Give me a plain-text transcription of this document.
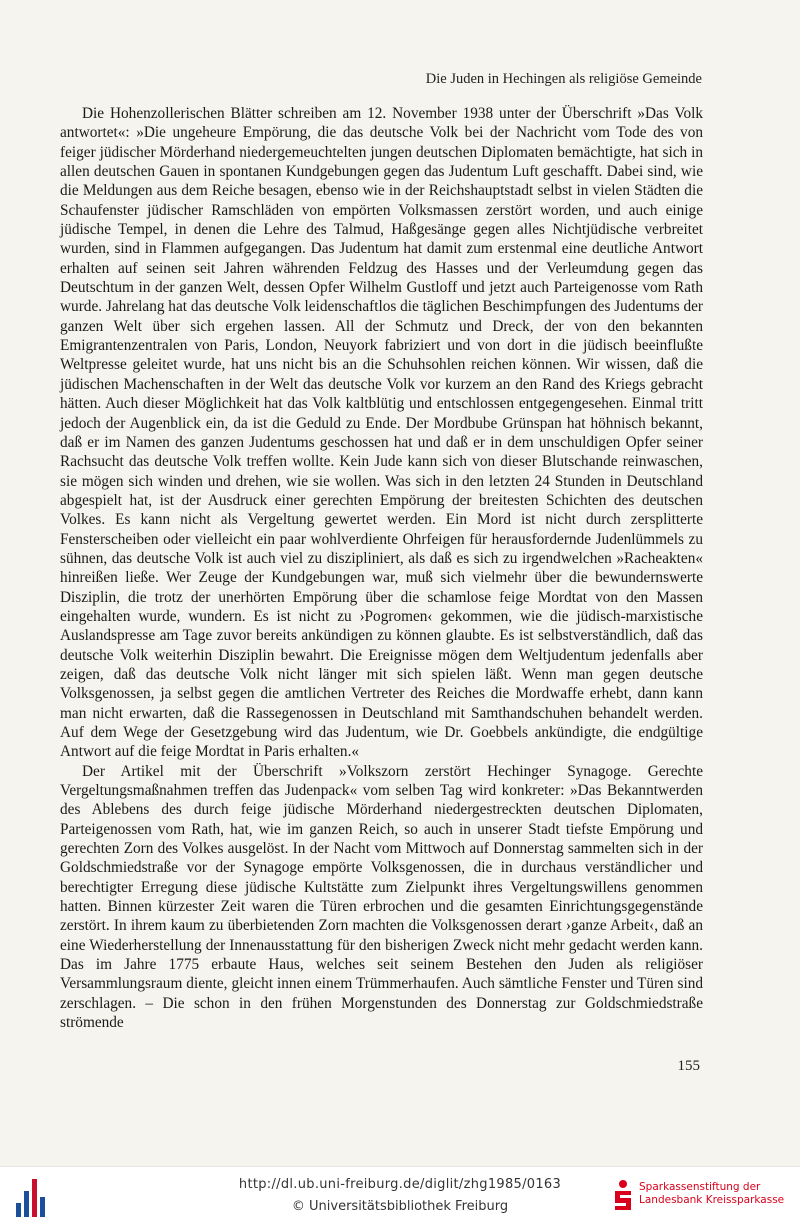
Die Juden in Hechingen als religiöse Gemeinde

Die Hohenzollerischen Blätter schreiben am 12. November 1938 unter der Überschrift »Das Volk antwortet«: »Die ungeheure Empörung, die das deutsche Volk bei der Nachricht vom Tode des von feiger jüdischer Mörderhand niedergemeuchtelten jungen deutschen Diplomaten bemächtigte, hat sich in allen deutschen Gauen in spontanen Kundgebungen gegen das Judentum Luft geschafft. Dabei sind, wie die Meldungen aus dem Reiche besagen, ebenso wie in der Reichshauptstadt selbst in vielen Städten die Schaufenster jüdischer Ramschläden von empörten Volksmassen zerstört worden, und auch einige jüdische Tempel, in denen die Lehre des Talmud, Haßgesänge gegen alles Nichtjüdische verbreitet wurden, sind in Flammen aufgegangen. Das Judentum hat damit zum erstenmal eine deutliche Antwort erhalten auf seinen seit Jahren währenden Feldzug des Hasses und der Verleumdung gegen das Deutschtum in der ganzen Welt, dessen Opfer Wilhelm Gustloff und jetzt auch Parteigenosse vom Rath wurde. Jahrelang hat das deutsche Volk leidenschaftlos die täglichen Beschimpfungen des Judentums der ganzen Welt über sich ergehen lassen. All der Schmutz und Dreck, der von den bekannten Emigrantenzentralen von Paris, London, Neuyork fabriziert und von dort in die jüdisch beeinflußte Weltpresse geleitet wurde, hat uns nicht bis an die Schuhsohlen reichen können. Wir wissen, daß die jüdischen Machenschaften in der Welt das deutsche Volk vor kurzem an den Rand des Kriegs gebracht hätten. Auch dieser Möglichkeit hat das Volk kaltblütig und entschlossen entgegengesehen. Einmal tritt jedoch der Augenblick ein, da ist die Geduld zu Ende. Der Mordbube Grünspan hat höhnisch bekannt, daß er im Namen des ganzen Judentums geschossen hat und daß er in dem unschuldigen Opfer seiner Rachsucht das deutsche Volk treffen wollte. Kein Jude kann sich von dieser Blutschande reinwaschen, sie mögen sich winden und drehen, wie sie wollen. Was sich in den letzten 24 Stunden in Deutschland abgespielt hat, ist der Ausdruck einer gerechten Empörung der breitesten Schichten des deutschen Volkes. Es kann nicht als Vergeltung gewertet werden. Ein Mord ist nicht durch zersplitterte Fensterscheiben oder vielleicht ein paar wohlverdiente Ohrfeigen für herausfordernde Judenlümmels zu sühnen, das deutsche Volk ist auch viel zu diszipliniert, als daß es sich zu irgendwelchen »Racheakten« hinreißen ließe. Wer Zeuge der Kundgebungen war, muß sich vielmehr über die bewundernswerte Disziplin, die trotz der unerhörten Empörung über die schamlose feige Mordtat von den Massen eingehalten wurde, wundern. Es ist nicht zu ›Pogromen‹ gekommen, wie die jüdisch-marxistische Auslandspresse am Tage zuvor bereits ankündigen zu können glaubte. Es ist selbstverständlich, daß das deutsche Volk weiterhin Disziplin bewahrt. Die Ereignisse mögen dem Weltjudentum jedenfalls aber zeigen, daß das deutsche Volk nicht länger mit sich spielen läßt. Wenn man gegen deutsche Volksgenossen, ja selbst gegen die amtlichen Vertreter des Reiches die Mordwaffe erhebt, dann kann man nicht erwarten, daß die Rassegenossen in Deutschland mit Samthandschuhen behandelt werden. Auf dem Wege der Gesetzgebung wird das Judentum, wie Dr. Goebbels ankündigte, die endgültige Antwort auf die feige Mordtat in Paris erhalten.«

Der Artikel mit der Überschrift »Volkszorn zerstört Hechinger Synagoge. Gerechte Vergeltungsmaßnahmen treffen das Judenpack« vom selben Tag wird konkreter: »Das Bekanntwerden des Ablebens des durch feige jüdische Mörderhand niedergestreckten deutschen Diplomaten, Parteigenossen vom Rath, hat, wie im ganzen Reich, so auch in unserer Stadt tiefste Empörung und gerechten Zorn des Volkes ausgelöst. In der Nacht vom Mittwoch auf Donnerstag sammelten sich in der Goldschmiedstraße vor der Synagoge empörte Volksgenossen, die in durchaus verständlicher und berechtigter Erregung diese jüdische Kultstätte zum Zielpunkt ihres Vergeltungswillens genommen hatten. Binnen kürzester Zeit waren die Türen erbrochen und die gesamten Einrichtungsgegenstände zerstört. In ihrem kaum zu überbietenden Zorn machten die Volksgenossen derart ›ganze Arbeit‹, daß an eine Wiederherstellung der Innenausstattung für den bisherigen Zweck nicht mehr gedacht werden kann. Das im Jahre 1775 erbaute Haus, welches seit seinem Bestehen den Juden als religiöser Versammlungsraum diente, gleicht innen einem Trümmerhaufen. Auch sämtliche Fenster und Türen sind zerschlagen. – Die schon in den frühen Morgenstunden des Donnerstag zur Goldschmiedstraße strömende

155
http://dl.ub.uni-freiburg.de/diglit/zhg1985/0163
© Universitätsbibliothek Freiburg
Sparkassenstiftung der
Landesbank Kreissparkasse
